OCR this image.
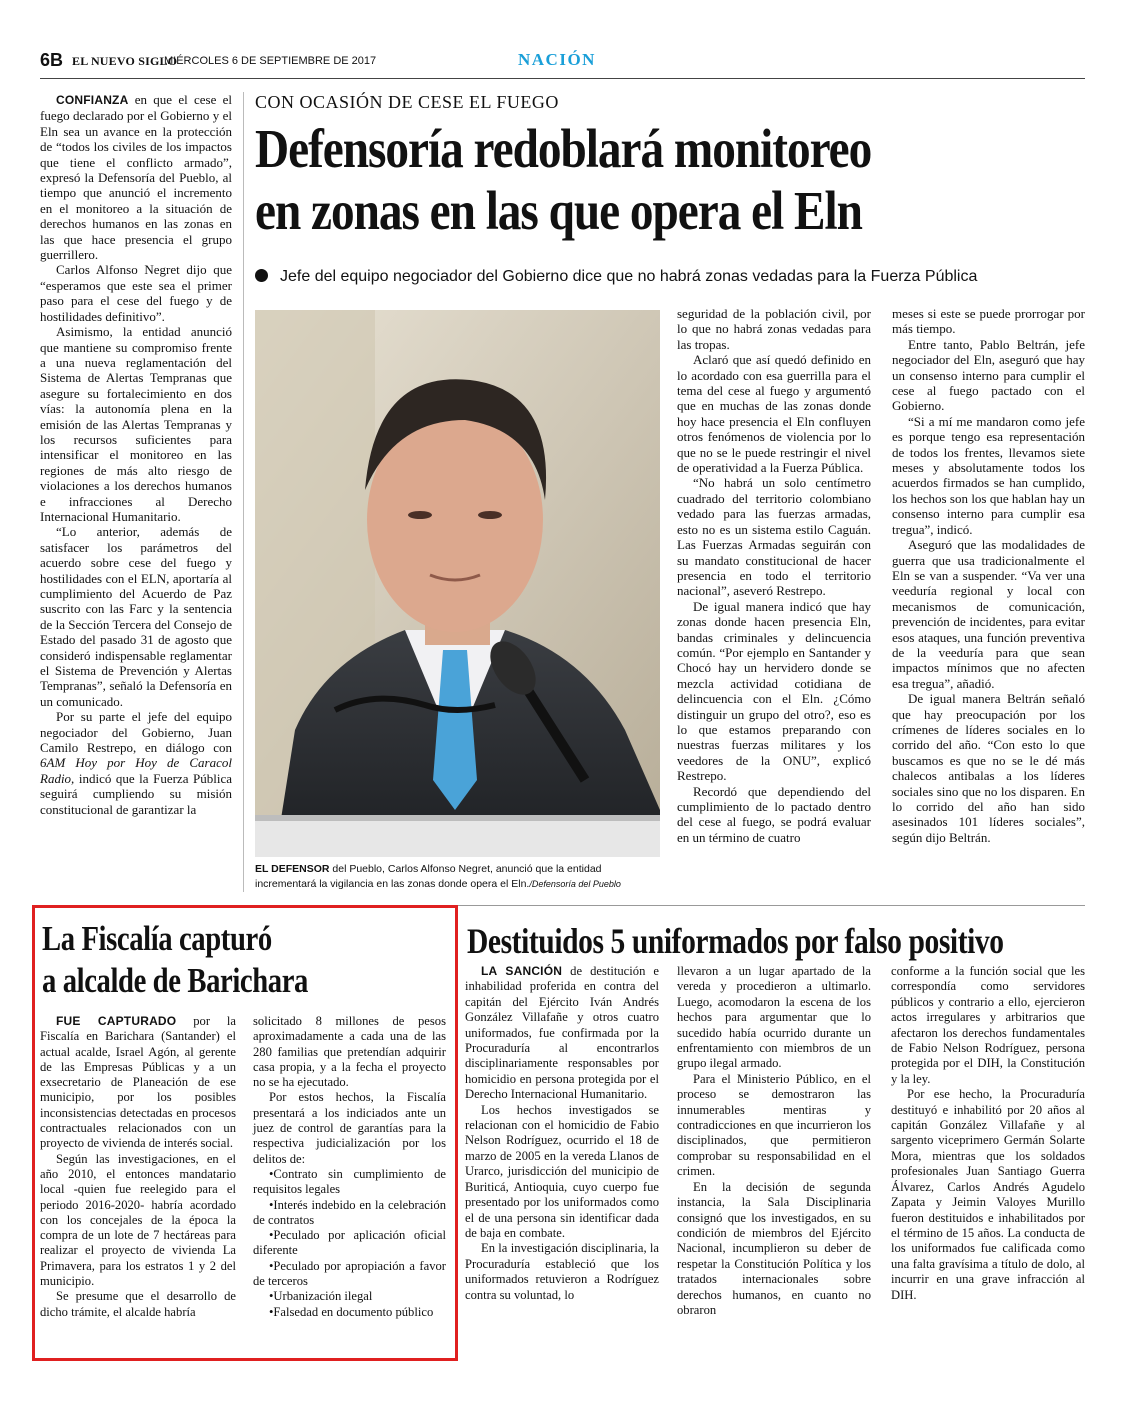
6B EL NUEVO SIGLO
MIÉRCOLES 6 DE SEPTIEMBRE DE 2017	NACIÓN

CONFIANZA en que el cese el fuego declarado por el Gobierno y el Eln sea un avance en la protección de “todos los civiles de los impactos que tiene el conflicto armado”, expresó la Defensoría del Pueblo, al tiempo que anunció el incremento en el monitoreo a la situación de derechos humanos en las zonas en las que hace presencia el grupo guerrillero.

Carlos Alfonso Negret dijo que “esperamos que este sea el primer paso para el cese del fuego y de hostilidades definitivo”.

Asimismo, la entidad anunció que mantiene su compromiso frente a una nueva reglamentación del Sistema de Alertas Tempranas que asegure su fortalecimiento en dos vías: la autonomía plena en la emisión de las Alertas Tempranas y los recursos suficientes para intensificar el monitoreo en las regiones de más alto riesgo de violaciones a los derechos humanos e infracciones al Derecho Internacional Humanitario.

“Lo anterior, además de satisfacer los parámetros del acuerdo sobre cese del fuego y hostilidades con el ELN, aportaría al cumplimiento del Acuerdo de Paz suscrito con las Farc y la sentencia de la Sección Tercera del Consejo de Estado del pasado 31 de agosto que consideró indispensable reglamentar el Sistema de Prevención y Alertas Tempranas”, señaló la Defensoría en un comunicado.

Por su parte el jefe del equipo negociador del Gobierno, Juan Camilo Restrepo, en diálogo con 6AM Hoy por Hoy de Caracol Radio, indicó que la Fuerza Pública seguirá cumpliendo su misión constitucional de garantizar la

CON OCASIÓN DE CESE EL FUEGO
Defensoría redoblará monitoreo
en zonas en las que opera el Eln
Jefe del equipo negociador del Gobierno dice que no habrá zonas vedadas para la Fuerza Pública
EL DEFENSOR del Pueblo, Carlos Alfonso Negret, anunció que la entidad incrementará la vigilancia en las zonas donde opera el Eln./Defensoría del Pueblo

seguridad de la población civil, por lo que no habrá zonas vedadas para las tropas.

Aclaró que así quedó definido en lo acordado con esa guerrilla para el tema del cese al fuego y argumentó que en muchas de las zonas donde hoy hace presencia el Eln confluyen otros fenómenos de violencia por lo que no se le puede restringir el nivel de operatividad a la Fuerza Pública.

“No habrá un solo centímetro cuadrado del territorio colombiano vedado para las fuerzas armadas, esto no es un sistema estilo Caguán. Las Fuerzas Armadas seguirán con su mandato constitucional de hacer presencia en todo el territorio nacional”, aseveró Restrepo.

De igual manera indicó que hay zonas donde hacen presencia Eln, bandas criminales y delincuencia común. “Por ejemplo en Santander y Chocó hay un hervidero donde se mezcla actividad cotidiana de delincuencia con el Eln. ¿Cómo distinguir un grupo del otro?, eso es lo que estamos preparando con nuestras fuerzas militares y los veedores de la ONU”, explicó Restrepo.

Recordó que dependiendo del cumplimiento de lo pactado dentro del cese al fuego, se podrá evaluar en un término de cuatro

meses si este se puede prorrogar por más tiempo.

Entre tanto, Pablo Beltrán, jefe negociador del Eln, aseguró que hay un consenso interno para cumplir el cese al fuego pactado con el Gobierno.

“Si a mí me mandaron como jefe es porque tengo esa representación de todos los frentes, llevamos siete meses y absolutamente todos los acuerdos firmados se han cumplido, los hechos son los que hablan hay un consenso interno para cumplir esa tregua”, indicó.

Aseguró que las modalidades de guerra que usa tradicionalmente el Eln se van a suspender. “Va ver una veeduría regional y local con mecanismos de comunicación, prevención de incidentes, para evitar esos ataques, una función preventiva de la veeduría para que sean impactos mínimos que no afecten esa tregua”, añadió.

De igual manera Beltrán señaló que hay preocupación por los crímenes de líderes sociales en lo corrido del año. “Con esto lo que buscamos es que no se le dé más chalecos antibalas a los líderes sociales sino que no los disparen. En lo corrido del año han sido asesinados 101 líderes sociales”, según dijo Beltrán.

La Fiscalía capturó
a alcalde de Barichara

FUE CAPTURADO por la Fiscalía en Barichara (Santander) el actual acalde, Israel Agón, al gerente de las Empresas Públicas y a un exsecretario de Planeación de ese municipio, por los posibles inconsistencias detectadas en procesos contractuales relacionados con un proyecto de vivienda de interés social.

Según las investigaciones, en el año 2010, el entonces mandatario local -quien fue reelegido para el periodo 2016-2020- habría acordado con los concejales de la época la compra de un lote de 7 hectáreas para realizar el proyecto de vivienda La Primavera, para los estratos 1 y 2 del municipio.

Se presume que el desarrollo de dicho trámite, el alcalde habría

solicitado 8 millones de pesos aproximadamente a cada una de las 280 familias que pretendían adquirir casa propia, y a la fecha el proyecto no se ha ejecutado.

Por estos hechos, la Fiscalía presentará a los indiciados ante un juez de control de garantías para la respectiva judicialización por los delitos de:

•Contrato sin cumplimiento de requisitos legales
•Interés indebido en la celebración de contratos
•Peculado por aplicación oficial diferente
•Peculado por apropiación a favor de terceros
•Urbanización ilegal
•Falsedad en documento público
Destituidos 5 uniformados por falso positivo

LA SANCIÓN de destitución e inhabilidad proferida en contra del capitán del Ejército Iván Andrés González Villafañe y otros cuatro uniformados, fue confirmada por la Procuraduría al encontrarlos disciplinariamente responsables por homicidio en persona protegida por el Derecho Internacional Humanitario.

Los hechos investigados se relacionan con el homicidio de Fabio Nelson Rodríguez, ocurrido el 18 de marzo de 2005 en la vereda Llanos de Urarco, jurisdicción del municipio de Buriticá, Antioquia, cuyo cuerpo fue presentado por los uniformados como el de una persona sin identificar dada de baja en combate.

En la investigación disciplinaria, la Procuraduría estableció que los uniformados retuvieron a Rodríguez contra su voluntad, lo

llevaron a un lugar apartado de la vereda y procedieron a ultimarlo. Luego, acomodaron la escena de los hechos para argumentar que lo sucedido había ocurrido durante un enfrentamiento con miembros de un grupo ilegal armado.

Para el Ministerio Público, en el proceso se demostraron las innumerables mentiras y contradicciones en que incurrieron los disciplinados, que permitieron comprobar su responsabilidad en el crimen.

En la decisión de segunda instancia, la Sala Disciplinaria consignó que los investigados, en su condición de miembros del Ejército Nacional, incumplieron su deber de respetar la Constitución Política y los tratados internacionales sobre derechos humanos, en cuanto no obraron

conforme a la función social que les correspondía como servidores públicos y contrario a ello, ejercieron actos irregulares y arbitrarios que afectaron los derechos fundamentales de Fabio Nelson Rodríguez, persona protegida por el DIH, la Constitución y la ley.

Por ese hecho, la Procuraduría destituyó e inhabilitó por 20 años al capitán González Villafañe y al sargento viceprimero Germán Solarte Mora, mientras que los soldados profesionales Juan Santiago Guerra Álvarez, Carlos Andrés Agudelo Zapata y Jeimin Valoyes Murillo fueron destituidos e inhabilitados por el término de 15 años. La conducta de los uniformados fue calificada como una falta gravísima a título de dolo, al incurrir en una grave infracción al DIH.
